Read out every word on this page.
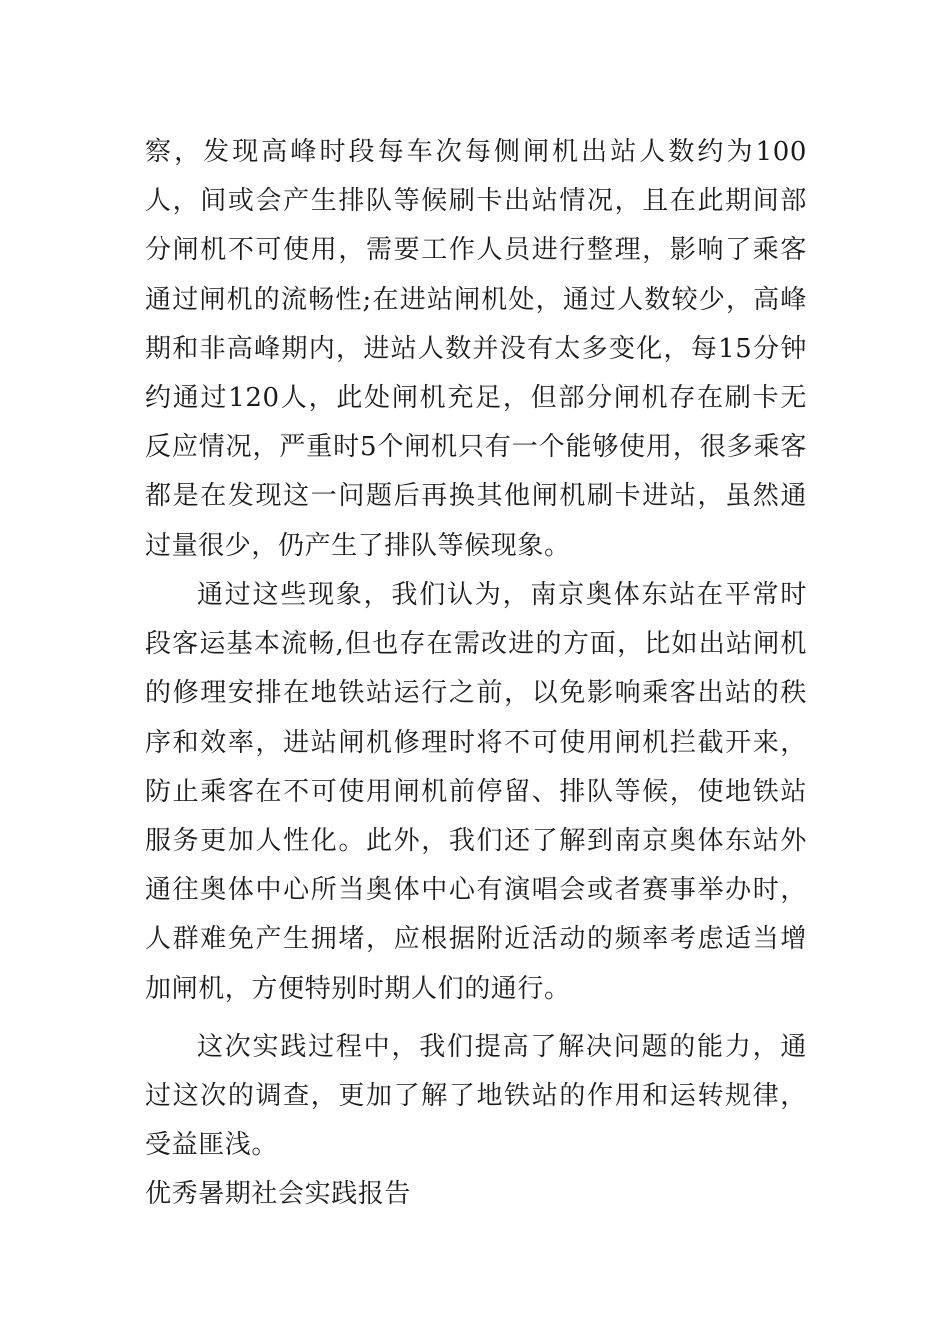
察，发现高峰时段每车次每侧闸机出站人数约为100人，间或会产生排队等候刷卡出站情况，且在此期间部分闸机不可使用，需要工作人员进行整理，影响了乘客通过闸机的流畅性;在进站闸机处，通过人数较少，高峰期和非高峰期内，进站人数并没有太多变化，每15分钟约通过120人，此处闸机充足，但部分闸机存在刷卡无反应情况，严重时5个闸机只有一个能够使用，很多乘客都是在发现这一问题后再换其他闸机刷卡进站，虽然通过量很少，仍产生了排队等候现象。

通过这些现象，我们认为，南京奥体东站在平常时段客运基本流畅,但也存在需改进的方面，比如出站闸机的修理安排在地铁站运行之前，以免影响乘客出站的秩序和效率，进站闸机修理时将不可使用闸机拦截开来，防止乘客在不可使用闸机前停留、排队等候，使地铁站服务更加人性化。此外，我们还了解到南京奥体东站外通往奥体中心所当奥体中心有演唱会或者赛事举办时，人群难免产生拥堵，应根据附近活动的频率考虑适当增加闸机，方便特别时期人们的通行。

这次实践过程中，我们提高了解决问题的能力，通过这次的调查，更加了解了地铁站的作用和运转规律，受益匪浅。

优秀暑期社会实践报告
